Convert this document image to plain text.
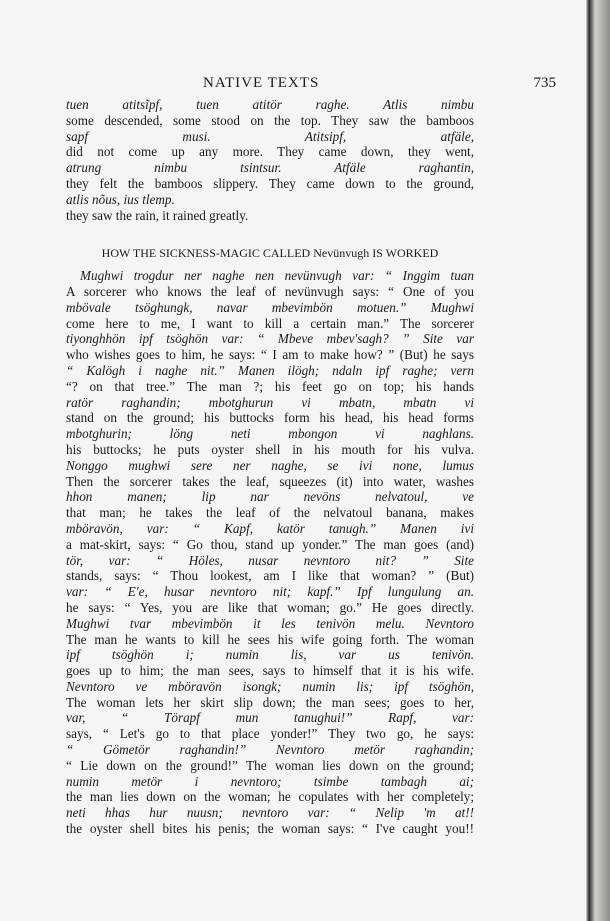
NATIVE TEXTS	735
tuen atitsĩpf, tuen atitör raghe. Atlis nimbu
some descended, some stood on the top. They saw the bamboos
sapf musi. Atitsipf, atfäle,
did not come up any more. They came down, they went,
atrung nimbu tsintsur. Atfäle raghantin,
they felt the bamboos slippery. They came down to the ground,
atlis nõus, ius tlemp.
they saw the rain, it rained greatly.
HOW THE SICKNESS-MAGIC CALLED Nevünvugh IS WORKED
Mughwi trogdur ner naghe nen nevünvugh var: “ Inggim tuan
A sorcerer who knows the leaf of nevünvugh says: “ One of you
mbövale tsöghungk, navar mbevimbön motuen.” Mughwi
come here to me, I want to kill a certain man.” The sorcerer
tiyonghhön ipf tsöghön var: “ Mbeve mbev'sagh? ” Site var
who wishes goes to him, he says: “ I am to make how? ” (But) he says
“ Kalögh i naghe nit.” Manen ilögh; ndaln ipf raghe; vern
“? on that tree.” The man ?; his feet go on top; his hands
ratör raghandin; mbotghurun vi mbatn, mbatn vi
stand on the ground; his buttocks form his head, his head forms
mbotghurin; löng neti mbongon vi naghlans.
his buttocks; he puts oyster shell in his mouth for his vulva.
Nonggo mughwi sere ner naghe, se ivi none, lumus
Then the sorcerer takes the leaf, squeezes (it) into water, washes
hhon manen; lip nar nevöns nelvatoul, ve
that man; he takes the leaf of the nelvatoul banana, makes
mböravön, var: “ Kapf, katör tanugh.” Manen ivi
a mat-skirt, says: “ Go thou, stand up yonder.” The man goes (and)
tör, var: “ Höles, nusar nevntoro nit? ” Site
stands, says: “ Thou lookest, am I like that woman? ” (But)
var: “ E'e, husar nevntoro nit; kapf.” Ipf lungulung an.
he says: “ Yes, you are like that woman; go.” He goes directly.
Mughwi tvar mbevimbön it les tenivön melu. Nevntoro
The man he wants to kill he sees his wife going forth. The woman
ipf tsöghön i; numin lis, var us tenivön.
goes up to him; the man sees, says to himself that it is his wife.
Nevntoro ve mböravön isongk; numin lis; ipf tsöghön,
The woman lets her skirt slip down; the man sees; goes to her,
var, “ Törapf mun tanughui!” Rapf, var:
says, “ Let's go to that place yonder!” They two go, he says:
“ Gömetör raghandin!” Nevntoro metör raghandin;
“ Lie down on the ground!” The woman lies down on the ground;
numin metör i nevntoro; tsimbe tambagh ai;
the man lies down on the woman; he copulates with her completely;
neti hhas hur nuusn; nevntoro var: “ Nelip 'm at!!
the oyster shell bites his penis; the woman says: “ I've caught you!!
